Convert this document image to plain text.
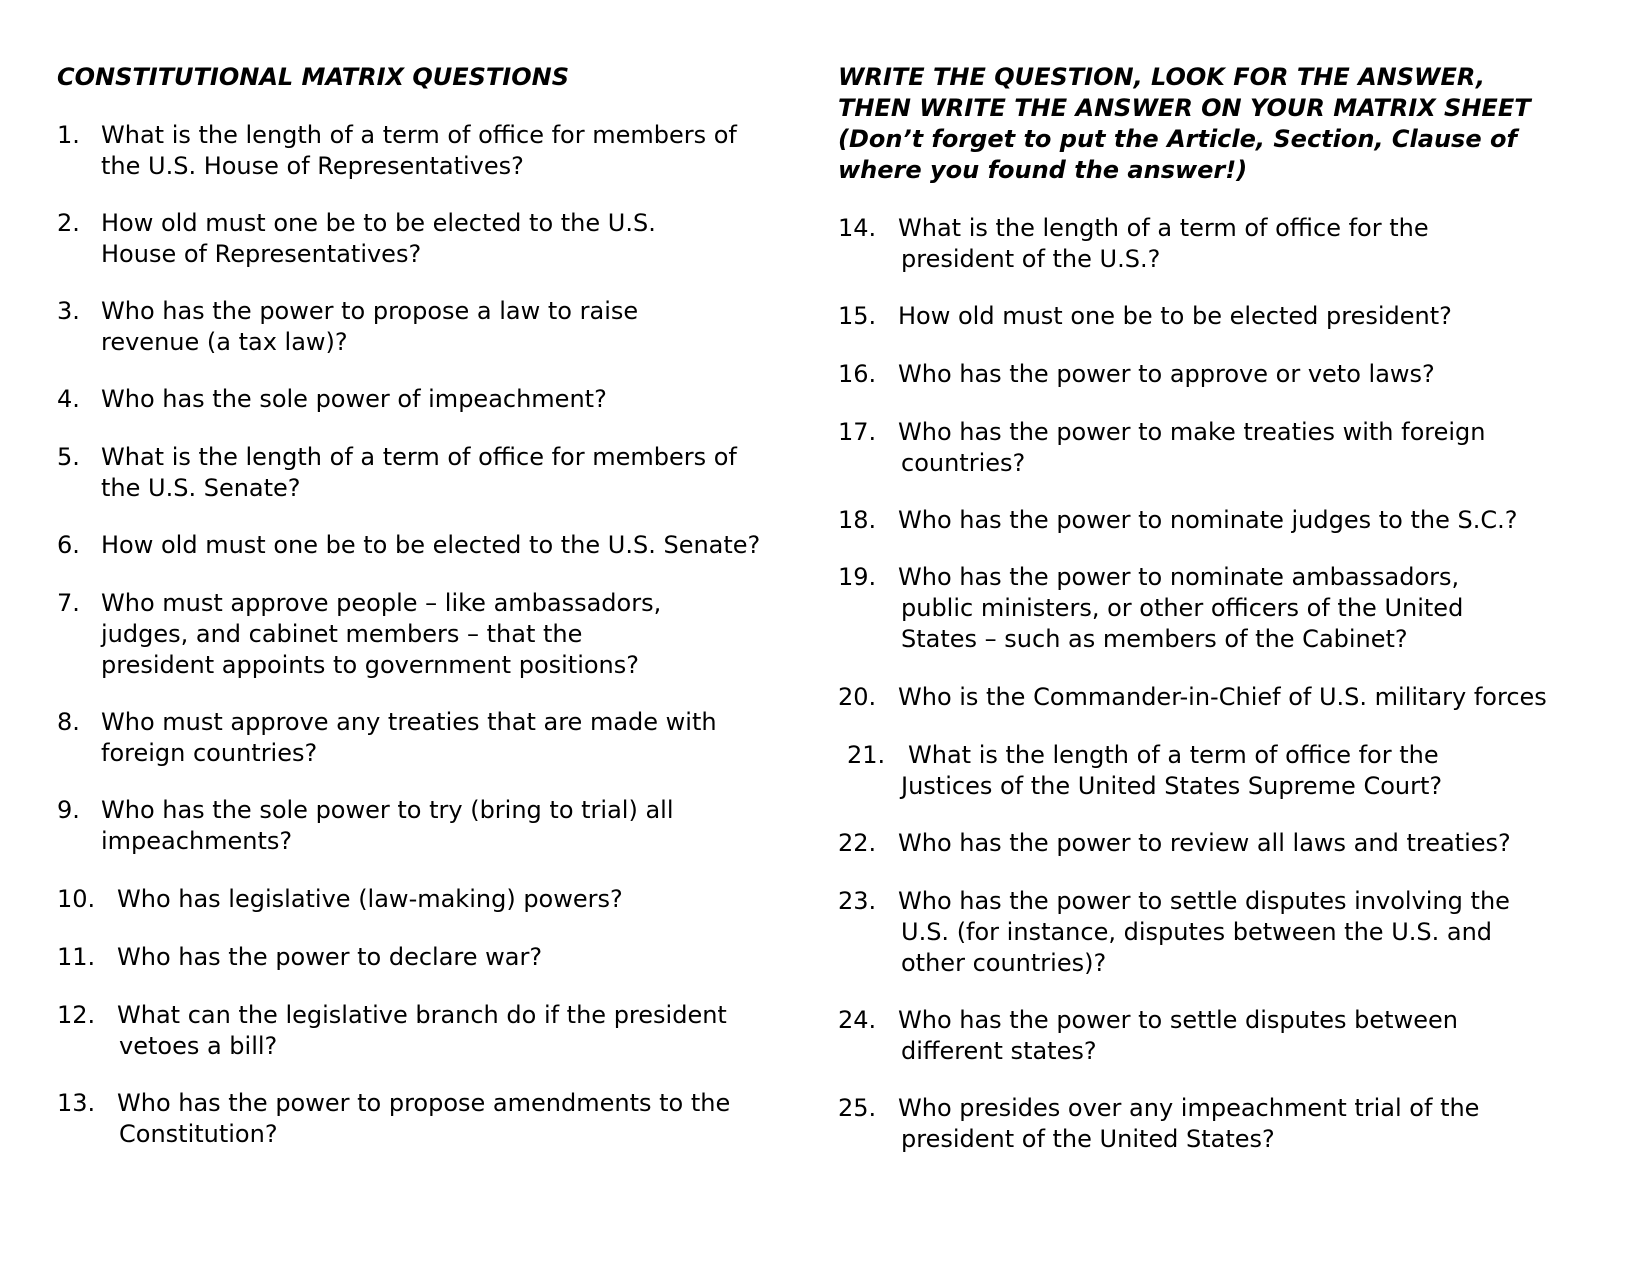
CONSTITUTIONAL MATRIX QUESTIONS
1. What is the length of a term of office for members of
the U.S. House of Representatives?
2. How old must one be to be elected to the U.S.
House of Representatives?
3. Who has the power to propose a law to raise
revenue (a tax law)?
4. Who has the sole power of impeachment?
5. What is the length of a term of office for members of
the U.S. Senate?
6. How old must one be to be elected to the U.S. Senate?
7. Who must approve people – like ambassadors,
judges, and cabinet members – that the
president appoints to government positions?
8. Who must approve any treaties that are made with
foreign countries?
9. Who has the sole power to try (bring to trial) all
impeachments?
10. Who has legislative (law-making) powers?
11. Who has the power to declare war?
12. What can the legislative branch do if the president
vetoes a bill?
13. Who has the power to propose amendments to the
Constitution?
WRITE THE QUESTION, LOOK FOR THE ANSWER,
THEN WRITE THE ANSWER ON YOUR MATRIX SHEET
(Don’t forget to put the Article, Section, Clause of
where you found the answer!)
14. What is the length of a term of office for the
president of the U.S.?
15. How old must one be to be elected president?
16. Who has the power to approve or veto laws?
17. Who has the power to make treaties with foreign
countries?
18. Who has the power to nominate judges to the S.C.?
19. Who has the power to nominate ambassadors,
public ministers, or other officers of the United
States – such as members of the Cabinet?
20. Who is the Commander-in-Chief of U.S. military forces
21. What is the length of a term of office for the
Justices of the United States Supreme Court?
22. Who has the power to review all laws and treaties?
23. Who has the power to settle disputes involving the
U.S. (for instance, disputes between the U.S. and
other countries)?
24. Who has the power to settle disputes between
different states?
25. Who presides over any impeachment trial of the
president of the United States?
